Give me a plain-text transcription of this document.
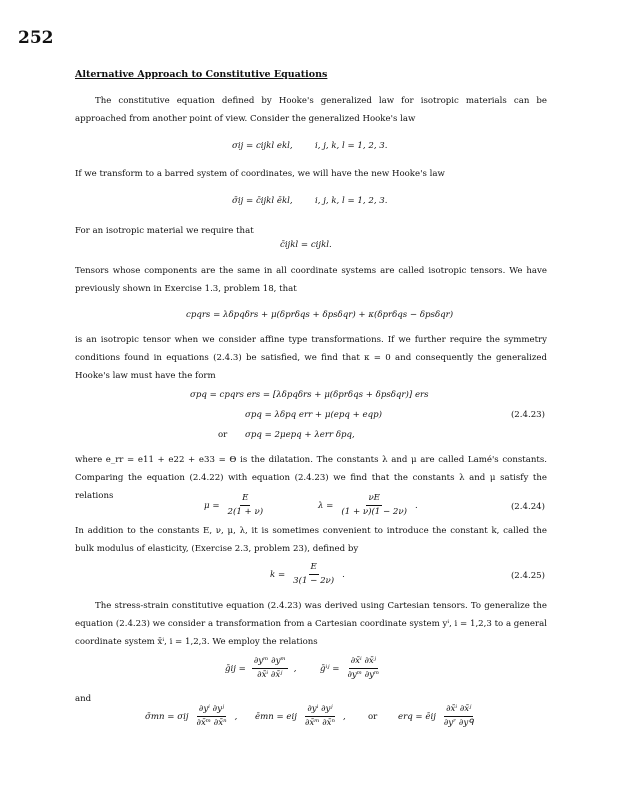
252
Alternative Approach to Constitutive Equations
The constitutive equation defined by Hooke's generalized law for isotropic materials can be approached from another point of view. Consider the generalized Hooke's law
σij = cijkl ekl,	i, j, k, l = 1, 2, 3.
If we transform to a barred system of coordinates, we will have the new Hooke's law
σ̄ij = c̄ijkl ēkl,	i, j, k, l = 1, 2, 3.
For an isotropic material we require that
c̄ijkl = cijkl.
Tensors whose components are the same in all coordinate systems are called isotropic tensors. We have previously shown in Exercise 1.3, problem 18, that
cpqrs = λδpqδrs + μ(δprδqs + δpsδqr) + κ(δprδqs − δpsδqr)
is an isotropic tensor when we consider affine type transformations. If we further require the symmetry conditions found in equations (2.4.3) be satisfied, we find that κ = 0 and consequently the generalized Hooke's law must have the form
σpq = cpqrs ers = [λδpqδrs + μ(δprδqs + δpsδqr)] ers
σpq = λδpq err + μ(epq + eqp)	(2.4.23)
or σpq = 2μepq + λerr δpq,
where e_rr = e11 + e22 + e33 = Θ is the dilatation. The constants λ and μ are called Lamé's constants. Comparing the equation (2.4.22) with equation (2.4.23) we find that the constants λ and μ satisfy the relations
$\mu = \frac{E}{2(1 + \nu)}$	$\lambda = \frac{\nu E}{(1 + \nu)(1 - 2\nu)}$ .	(2.4.24)
In addition to the constants E, ν, μ, λ, it is sometimes convenient to introduce the constant k, called the bulk modulus of elasticity, (Exercise 2.3, problem 23), defined by
$k = \frac{E}{3(1 - 2\nu)}$ .	(2.4.25)
The stress-strain constitutive equation (2.4.23) was derived using Cartesian tensors. To generalize the equation (2.4.23) we consider a transformation from a Cartesian coordinate system yⁱ, i = 1,2,3 to a general coordinate system x̄ⁱ, i = 1,2,3. We employ the relations
ḡij = $\frac{\text{∂yᵐ ∂yᵐ}}{\text{∂x̄ⁱ ∂x̄ʲ}}$ ,	ḡⁱʲ = $\frac{\text{∂x̄ⁱ ∂x̄ʲ}}{\text{∂yᵐ ∂yᵐ}}$
and
σ̄mn = σij $\frac{\text{∂yⁱ ∂yʲ}}{\text{∂x̄ᵐ ∂x̄ⁿ}}$ , ēmn = eij $\frac{\text{∂yⁱ ∂yʲ}}{\text{∂x̄ᵐ ∂x̄ⁿ}}$ ,	or erq = ēij $\frac{\text{∂x̄ⁱ ∂x̄ʲ}}{\text{∂yʳ ∂yᑫ}}$
